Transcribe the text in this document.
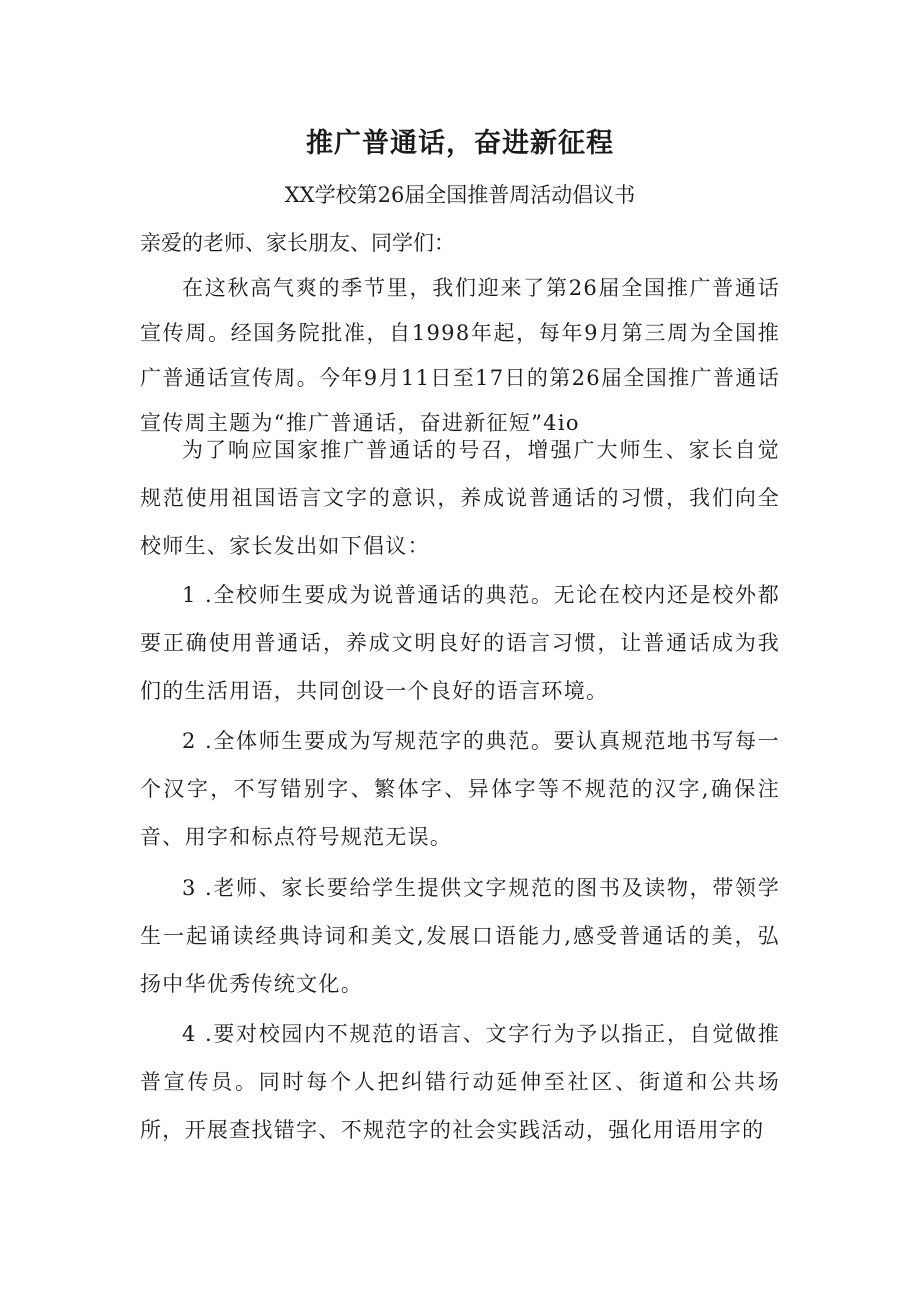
推广普通话，奋进新征程

XX学校第26届全国推普周活动倡议书

亲爱的老师、家长朋友、同学们：

在这秋高气爽的季节里，我们迎来了第26届全国推广普通话宣传周。经国务院批准，自1998年起，每年9月第三周为全国推广普通话宣传周。今年9月11日至17日的第26届全国推广普通话宣传周主题为“推广普通话，奋进新征短”4io

为了响应国家推广普通话的号召，增强广大师生、家长自觉规范使用祖国语言文字的意识，养成说普通话的习惯，我们向全校师生、家长发出如下倡议：

1 .全校师生要成为说普通话的典范。无论在校内还是校外都要正确使用普通话，养成文明良好的语言习惯，让普通话成为我们的生活用语，共同创设一个良好的语言环境。

2 .全体师生要成为写规范字的典范。要认真规范地书写每一个汉字，不写错别字、繁体字、异体字等不规范的汉字,确保注音、用字和标点符号规范无误。

3 .老师、家长要给学生提供文字规范的图书及读物，带领学生一起诵读经典诗词和美文,发展口语能力,感受普通话的美，弘扬中华优秀传统文化。

4 .要对校园内不规范的语言、文字行为予以指正，自觉做推普宣传员。同时每个人把纠错行动延伸至社区、街道和公共场所，开展查找错字、不规范字的社会实践活动，强化用语用字的
